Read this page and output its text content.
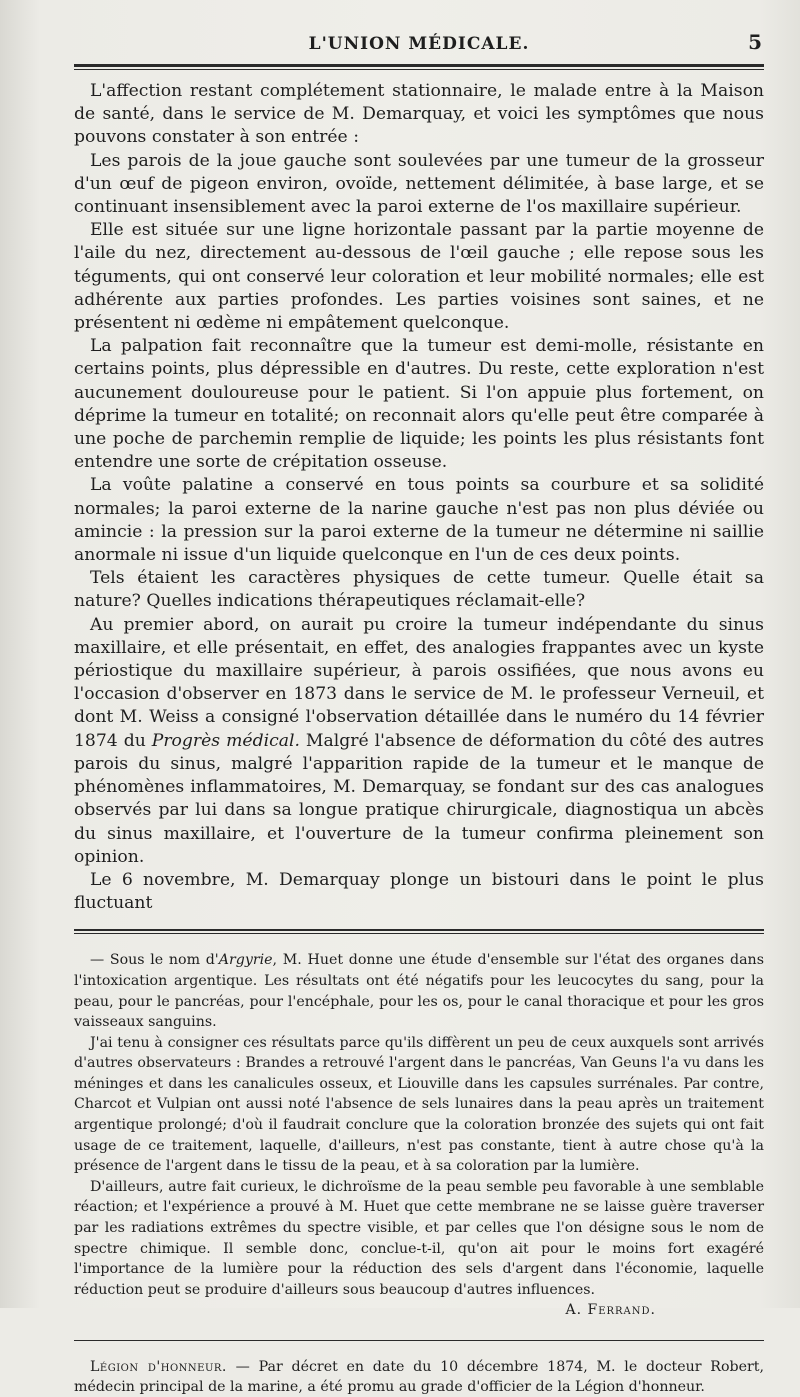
L'UNION MÉDICALE.	5

L'affection restant complétement stationnaire, le malade entre à la Maison de santé, dans le service de M. Demarquay, et voici les symptômes que nous pouvons constater à son entrée :

Les parois de la joue gauche sont soulevées par une tumeur de la grosseur d'un œuf de pigeon environ, ovoïde, nettement délimitée, à base large, et se continuant insensiblement avec la paroi externe de l'os maxillaire supérieur.

Elle est située sur une ligne horizontale passant par la partie moyenne de l'aile du nez, directement au-dessous de l'œil gauche ; elle repose sous les téguments, qui ont conservé leur coloration et leur mobilité normales; elle est adhérente aux parties profondes. Les parties voisines sont saines, et ne présentent ni œdème ni empâtement quelconque.

La palpation fait reconnaître que la tumeur est demi-molle, résistante en certains points, plus dépressible en d'autres. Du reste, cette exploration n'est aucunement douloureuse pour le patient. Si l'on appuie plus fortement, on déprime la tumeur en totalité; on reconnait alors qu'elle peut être comparée à une poche de parchemin remplie de liquide; les points les plus résistants font entendre une sorte de crépitation osseuse.

La voûte palatine a conservé en tous points sa courbure et sa solidité normales; la paroi externe de la narine gauche n'est pas non plus déviée ou amincie : la pression sur la paroi externe de la tumeur ne détermine ni saillie anormale ni issue d'un liquide quelconque en l'un de ces deux points.

Tels étaient les caractères physiques de cette tumeur. Quelle était sa nature? Quelles indications thérapeutiques réclamait-elle?

Au premier abord, on aurait pu croire la tumeur indépendante du sinus maxillaire, et elle présentait, en effet, des analogies frappantes avec un kyste périostique du maxillaire supérieur, à parois ossifiées, que nous avons eu l'occasion d'observer en 1873 dans le service de M. le professeur Verneuil, et dont M. Weiss a consigné l'observation détaillée dans le numéro du 14 février 1874 du Progrès médical. Malgré l'absence de déformation du côté des autres parois du sinus, malgré l'apparition rapide de la tumeur et le manque de phénomènes inflammatoires, M. Demarquay, se fondant sur des cas analogues observés par lui dans sa longue pratique chirurgicale, diagnostiqua un abcès du sinus maxillaire, et l'ouverture de la tumeur confirma pleinement son opinion.

Le 6 novembre, M. Demarquay plonge un bistouri dans le point le plus fluctuant

— Sous le nom d'Argyrie, M. Huet donne une étude d'ensemble sur l'état des organes dans l'intoxication argentique. Les résultats ont été négatifs pour les leucocytes du sang, pour la peau, pour le pancréas, pour l'encéphale, pour les os, pour le canal thoracique et pour les gros vaisseaux sanguins.

J'ai tenu à consigner ces résultats parce qu'ils diffèrent un peu de ceux auxquels sont arrivés d'autres observateurs : Brandes a retrouvé l'argent dans le pancréas, Van Geuns l'a vu dans les méninges et dans les canalicules osseux, et Liouville dans les capsules surrénales. Par contre, Charcot et Vulpian ont aussi noté l'absence de sels lunaires dans la peau après un traitement argentique prolongé; d'où il faudrait conclure que la coloration bronzée des sujets qui ont fait usage de ce traitement, laquelle, d'ailleurs, n'est pas constante, tient à autre chose qu'à la présence de l'argent dans le tissu de la peau, et à sa coloration par la lumière.

D'ailleurs, autre fait curieux, le dichroïsme de la peau semble peu favorable à une semblable réaction; et l'expérience a prouvé à M. Huet que cette membrane ne se laisse guère traverser par les radiations extrêmes du spectre visible, et par celles que l'on désigne sous le nom de spectre chimique. Il semble donc, conclue-t-il, qu'on ait pour le moins fort exagéré l'importance de la lumière pour la réduction des sels d'argent dans l'économie, laquelle réduction peut se produire d'ailleurs sous beaucoup d'autres influences.

A. Ferrand.

Légion d'honneur. — Par décret en date du 10 décembre 1874, M. le docteur Robert, médecin principal de la marine, a été promu au grade d'officier de la Légion d'honneur.
